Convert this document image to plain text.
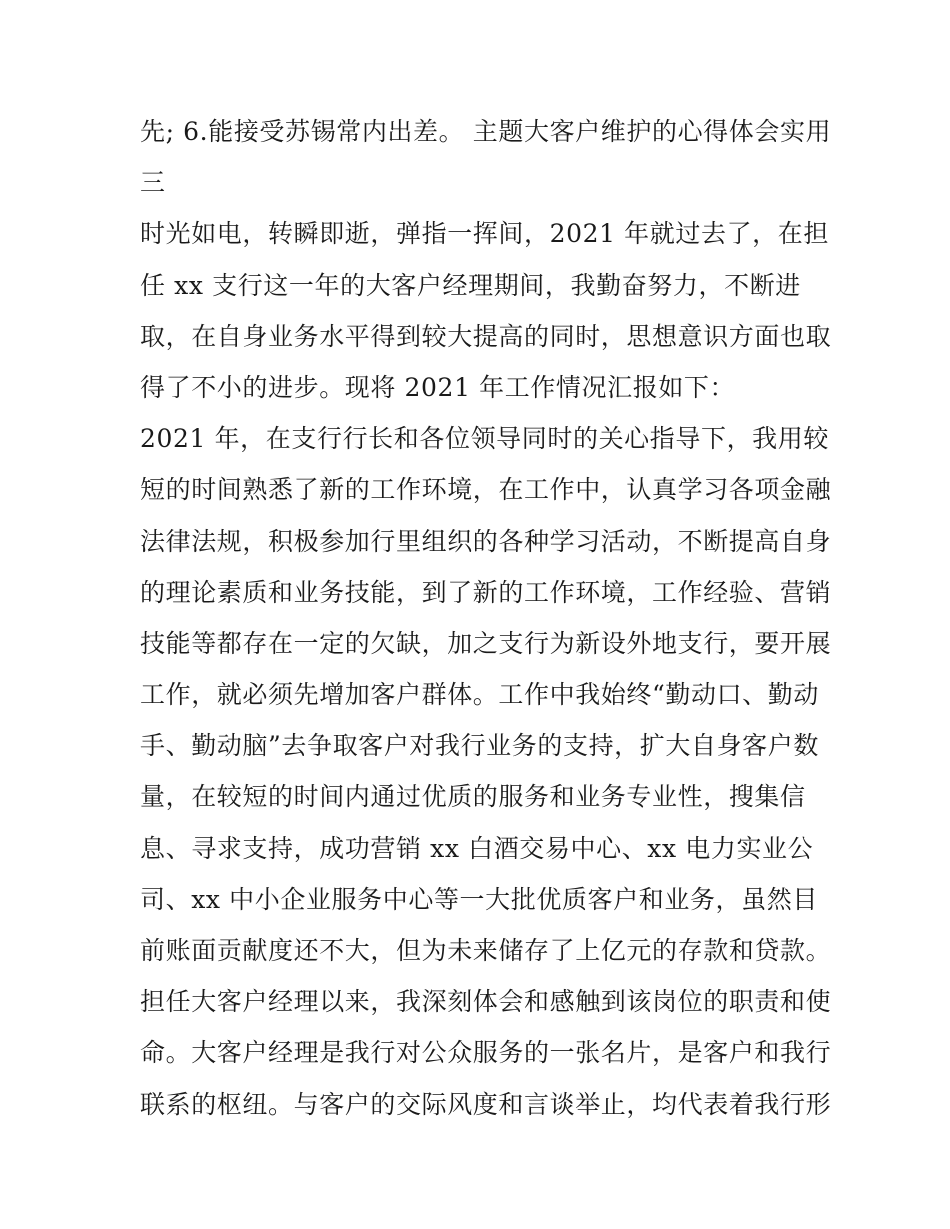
先; 6.能接受苏锡常内出差。 主题大客户维护的心得体会实用
三
时光如电，转瞬即逝，弹指一挥间，2021 年就过去了，在担
任 xx 支行这一年的大客户经理期间，我勤奋努力，不断进
取，在自身业务水平得到较大提高的同时，思想意识方面也取
得了不小的进步。现将 2021 年工作情况汇报如下：
2021 年，在支行行长和各位领导同时的关心指导下，我用较
短的时间熟悉了新的工作环境，在工作中，认真学习各项金融
法律法规，积极参加行里组织的各种学习活动，不断提高自身
的理论素质和业务技能，到了新的工作环境，工作经验、营销
技能等都存在一定的欠缺，加之支行为新设外地支行，要开展
工作，就必须先增加客户群体。工作中我始终“勤动口、勤动
手、勤动脑”去争取客户对我行业务的支持，扩大自身客户数
量，在较短的时间内通过优质的服务和业务专业性，搜集信
息、寻求支持，成功营销 xx 白酒交易中心、xx 电力实业公
司、xx 中小企业服务中心等一大批优质客户和业务，虽然目
前账面贡献度还不大，但为未来储存了上亿元的存款和贷款。
担任大客户经理以来，我深刻体会和感触到该岗位的职责和使
命。大客户经理是我行对公众服务的一张名片，是客户和我行
联系的枢纽。与客户的交际风度和言谈举止，均代表着我行形
